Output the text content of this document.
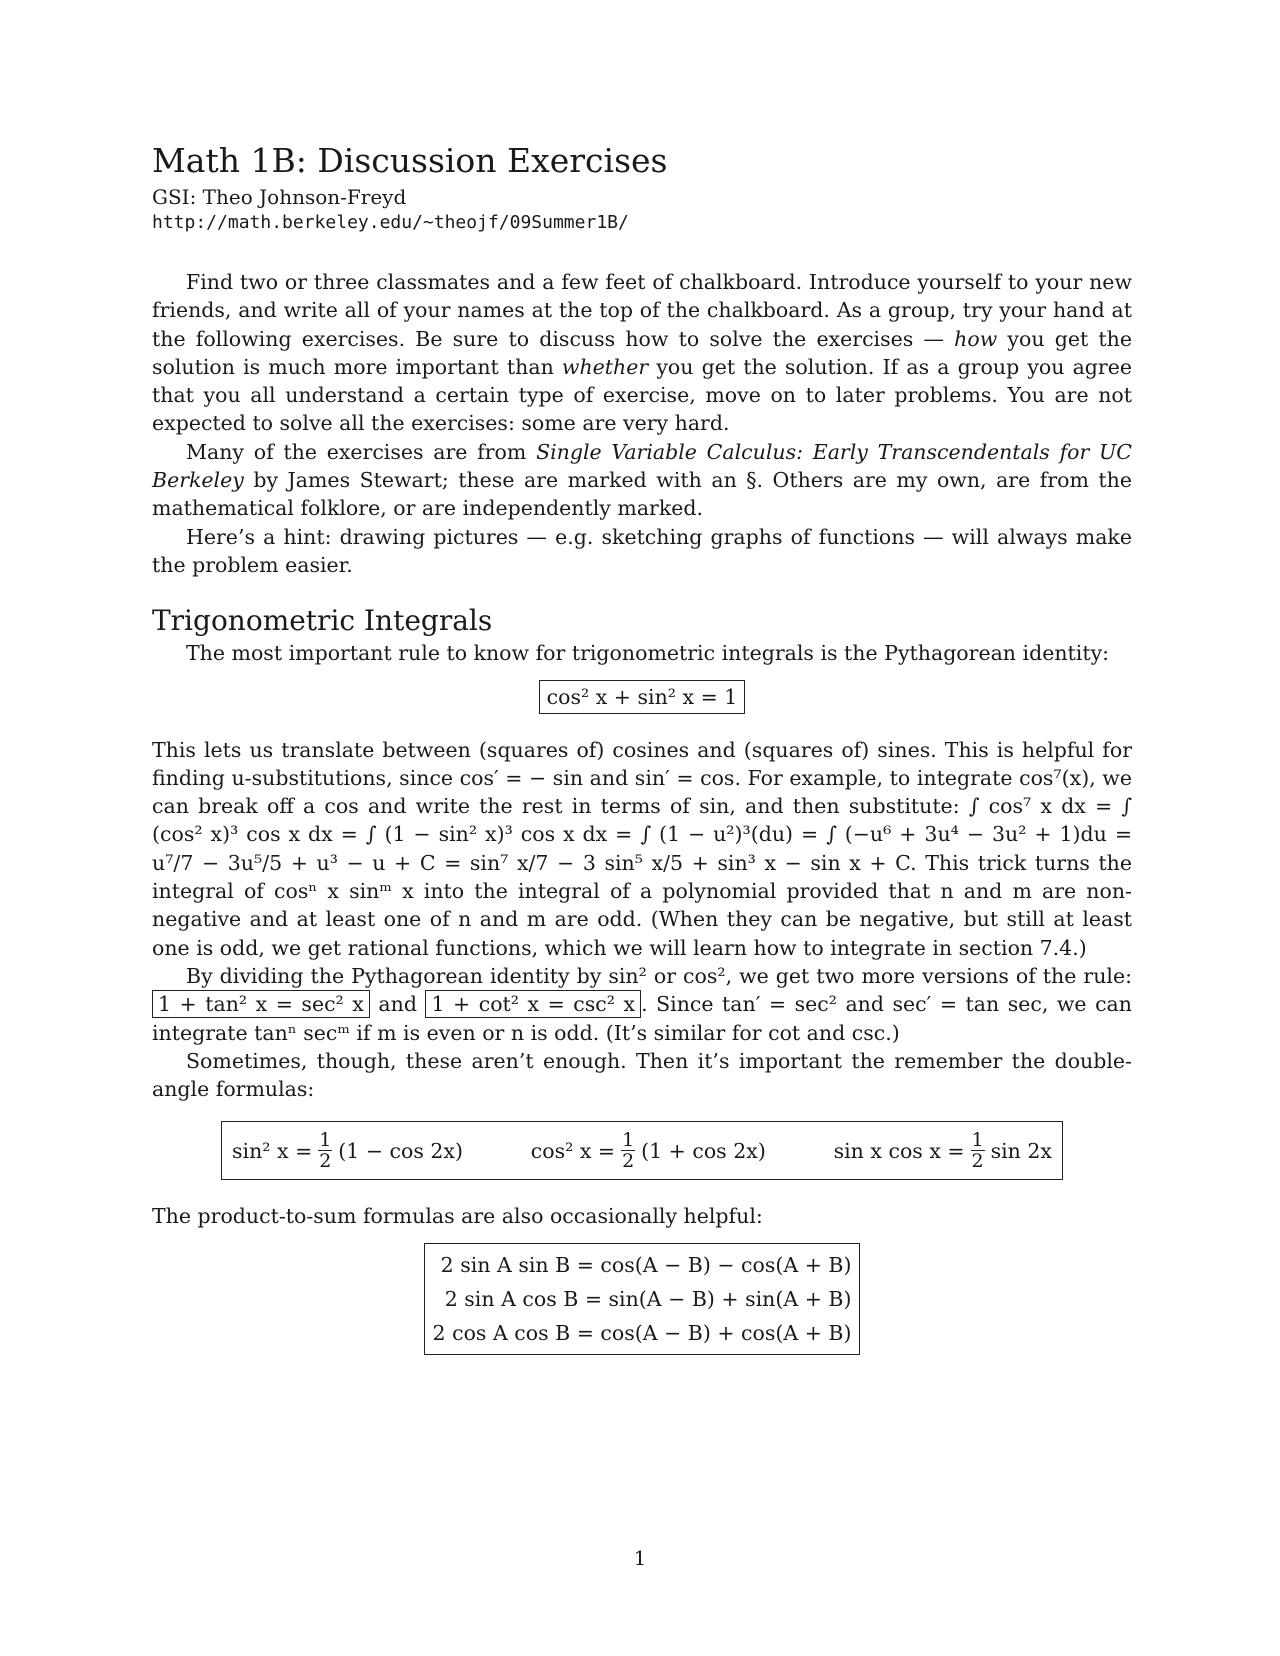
Math 1B: Discussion Exercises
GSI: Theo Johnson-Freyd
http://math.berkeley.edu/~theojf/09Summer1B/

Find two or three classmates and a few feet of chalkboard. Introduce yourself to your new friends, and write all of your names at the top of the chalkboard. As a group, try your hand at the following exercises. Be sure to discuss how to solve the exercises — how you get the solution is much more important than whether you get the solution. If as a group you agree that you all understand a certain type of exercise, move on to later problems. You are not expected to solve all the exercises: some are very hard.

Many of the exercises are from Single Variable Calculus: Early Transcendentals for UC Berkeley by James Stewart; these are marked with an §. Others are my own, are from the mathematical folklore, or are independently marked.

Here’s a hint: drawing pictures — e.g. sketching graphs of functions — will always make the problem easier.

Trigonometric Integrals

The most important rule to know for trigonometric integrals is the Pythagorean identity:

cos² x + sin² x = 1

This lets us translate between (squares of) cosines and (squares of) sines. This is helpful for finding u-substitutions, since cos′ = − sin and sin′ = cos. For example, to integrate cos⁷(x), we can break off a cos and write the rest in terms of sin, and then substitute: ∫ cos⁷ x dx = ∫ (cos² x)³ cos x dx = ∫ (1 − sin² x)³ cos x dx = ∫ (1 − u²)³(du) = ∫ (−u⁶ + 3u⁴ − 3u² + 1)du = u⁷/7 − 3u⁵/5 + u³ − u + C = sin⁷ x/7 − 3 sin⁵ x/5 + sin³ x − sin x + C. This trick turns the integral of cosⁿ x sinᵐ x into the integral of a polynomial provided that n and m are non-negative and at least one of n and m are odd. (When they can be negative, but still at least one is odd, we get rational functions, which we will learn how to integrate in section 7.4.)

By dividing the Pythagorean identity by sin² or cos², we get two more versions of the rule: 1 + tan² x = sec² x and 1 + cot² x = csc² x . Since tan′ = sec² and sec′ = tan sec, we can integrate tanⁿ secᵐ if m is even or n is odd. (It’s similar for cot and csc.)

Sometimes, though, these aren’t enough. Then it’s important the remember the double-angle formulas:

sin² $x = \frac{1}{2} (1 - \cos 2x)$	cos² $x = \frac{1}{2} (1 + \cos 2x)$	sin x $\cos x = \frac{1}{2}$ sin 2x

The product-to-sum formulas are also occasionally helpful:

2 sin A sin B = cos(A − B) − cos(A + B)
2 sin A cos B = sin(A − B) + sin(A + B)
2 cos A cos B = cos(A − B) + cos(A + B)
1
